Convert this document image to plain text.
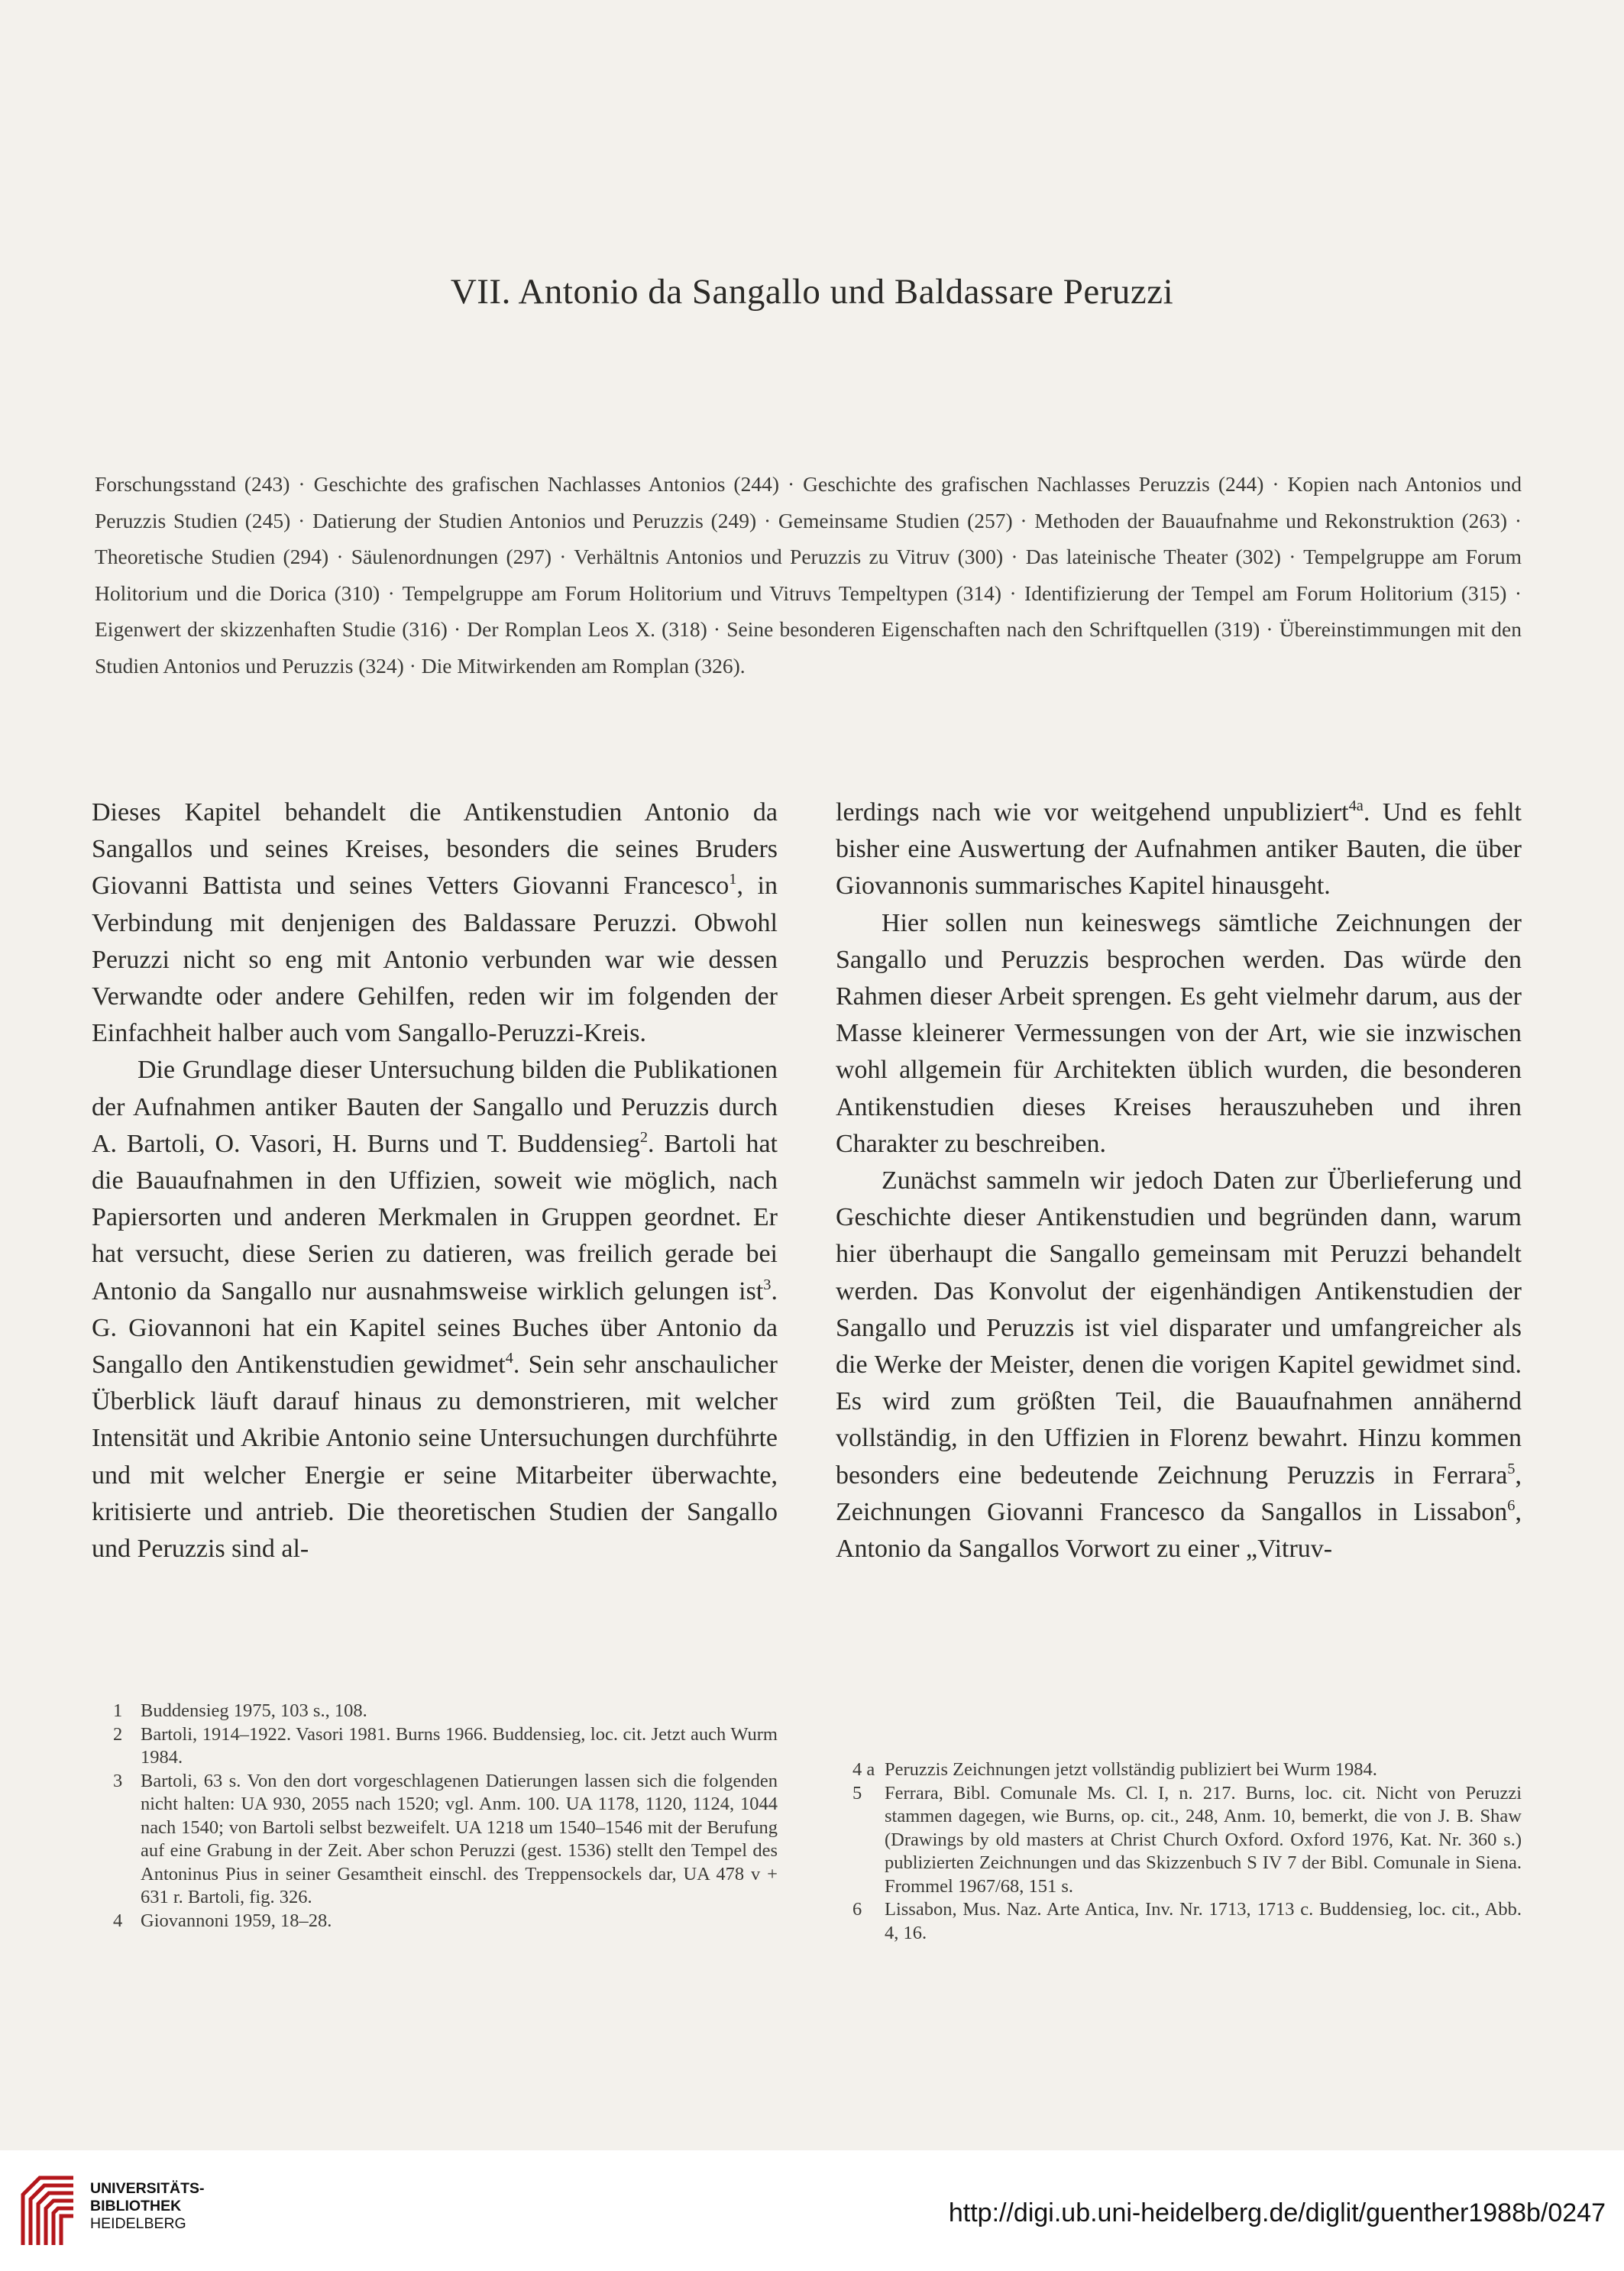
VII. Antonio da Sangallo und Baldassare Peruzzi

Forschungsstand (243) · Geschichte des grafischen Nachlasses Antonios (244) · Geschichte des grafischen Nachlasses Peruzzis (244) · Kopien nach Antonios und Peruzzis Studien (245) · Datierung der Studien Antonios und Peruzzis (249) · Gemeinsame Studien (257) · Methoden der Bauaufnahme und Rekonstruktion (263) · Theoretische Studien (294) · Säulenordnungen (297) · Verhältnis Antonios und Peruzzis zu Vitruv (300) · Das lateinische Theater (302) · Tempelgruppe am Forum Holitorium und die Dorica (310) · Tempelgruppe am Forum Holitorium und Vitruvs Tempeltypen (314) · Identifizierung der Tempel am Forum Holitorium (315) · Eigenwert der skizzenhaften Studie (316) · Der Romplan Leos X. (318) · Seine besonderen Eigenschaften nach den Schriftquellen (319) · Übereinstimmungen mit den Studien Antonios und Peruzzis (324) · Die Mitwirkenden am Romplan (326).

Dieses Kapitel behandelt die Antikenstudien Antonio da Sangallos und seines Kreises, besonders die seines Bruders Giovanni Battista und seines Vetters Giovanni Francesco$^1$, in Verbindung mit denjenigen des Baldassare Peruzzi. Obwohl Peruzzi nicht so eng mit Antonio verbunden war wie dessen Verwandte oder andere Gehilfen, reden wir im folgenden der Einfachheit halber auch vom Sangallo-Peruzzi-Kreis.

Die Grundlage dieser Untersuchung bilden die Publikationen der Aufnahmen antiker Bauten der Sangallo und Peruzzis durch A. Bartoli, O. Vasori, H. Burns und T. Buddensieg$^2$. Bartoli hat die Bauaufnahmen in den Uffizien, soweit wie möglich, nach Papiersorten und anderen Merkmalen in Gruppen geordnet. Er hat versucht, diese Serien zu datieren, was freilich gerade bei Antonio da Sangallo nur ausnahmsweise wirklich gelungen ist$^3$. G. Giovannoni hat ein Kapitel seines Buches über Antonio da Sangallo den Antikenstudien gewidmet$^4$. Sein sehr anschaulicher Überblick läuft darauf hinaus zu demonstrieren, mit welcher Intensität und Akribie Antonio seine Untersuchungen durchführte und mit welcher Energie er seine Mitarbeiter überwachte, kritisierte und antrieb. Die theoretischen Studien der Sangallo und Peruzzis sind al-

lerdings nach wie vor weitgehend unpubliziert$^{4a}$. Und es fehlt bisher eine Auswertung der Aufnahmen antiker Bauten, die über Giovannonis summarisches Kapitel hinausgeht.

Hier sollen nun keineswegs sämtliche Zeichnungen der Sangallo und Peruzzis besprochen werden. Das würde den Rahmen dieser Arbeit sprengen. Es geht vielmehr darum, aus der Masse kleinerer Vermessungen von der Art, wie sie inzwischen wohl allgemein für Architekten üblich wurden, die besonderen Antikenstudien dieses Kreises herauszuheben und ihren Charakter zu beschreiben.

Zunächst sammeln wir jedoch Daten zur Überlieferung und Geschichte dieser Antikenstudien und begründen dann, warum hier überhaupt die Sangallo gemeinsam mit Peruzzi behandelt werden. Das Konvolut der eigenhändigen Antikenstudien der Sangallo und Peruzzis ist viel disparater und umfangreicher als die Werke der Meister, denen die vorigen Kapitel gewidmet sind. Es wird zum größten Teil, die Bauaufnahmen annähernd vollständig, in den Uffizien in Florenz bewahrt. Hinzu kommen besonders eine bedeutende Zeichnung Peruzzis in Ferrara$^5$, Zeichnungen Giovanni Francesco da Sangallos in Lissabon$^6$, Antonio da Sangallos Vorwort zu einer „Vitruv-

1 Buddensieg 1975, 103 s., 108.
2 Bartoli, 1914–1922. Vasori 1981. Burns 1966. Buddensieg, loc. cit. Jetzt auch Wurm 1984.
3 Bartoli, 63 s. Von den dort vorgeschlagenen Datierungen lassen sich die folgenden nicht halten: UA 930, 2055 nach 1520; vgl. Anm. 100. UA 1178, 1120, 1124, 1044 nach 1540; von Bartoli selbst bezweifelt. UA 1218 um 1540–1546 mit der Berufung auf eine Grabung in der Zeit. Aber schon Peruzzi (gest. 1536) stellt den Tempel des Antoninus Pius in seiner Gesamtheit einschl. des Treppensockels dar, UA 478 v + 631 r. Bartoli, fig. 326.
4 Giovannoni 1959, 18–28.
4 a Peruzzis Zeichnungen jetzt vollständig publiziert bei Wurm 1984.
5 Ferrara, Bibl. Comunale Ms. Cl. I, n. 217. Burns, loc. cit. Nicht von Peruzzi stammen dagegen, wie Burns, op. cit., 248, Anm. 10, bemerkt, die von J. B. Shaw (Drawings by old masters at Christ Church Oxford. Oxford 1976, Kat. Nr. 360 s.) publizierten Zeichnungen und das Skizzenbuch S IV 7 der Bibl. Comunale in Siena. Frommel 1967/68, 151 s.
6 Lissabon, Mus. Naz. Arte Antica, Inv. Nr. 1713, 1713 c. Buddensieg, loc. cit., Abb. 4, 16.
UNIVERSITÄTS-
BIBLIOTHEK
HEIDELBERG	http://digi.ub.uni-heidelberg.de/diglit/guenther1988b/0247
